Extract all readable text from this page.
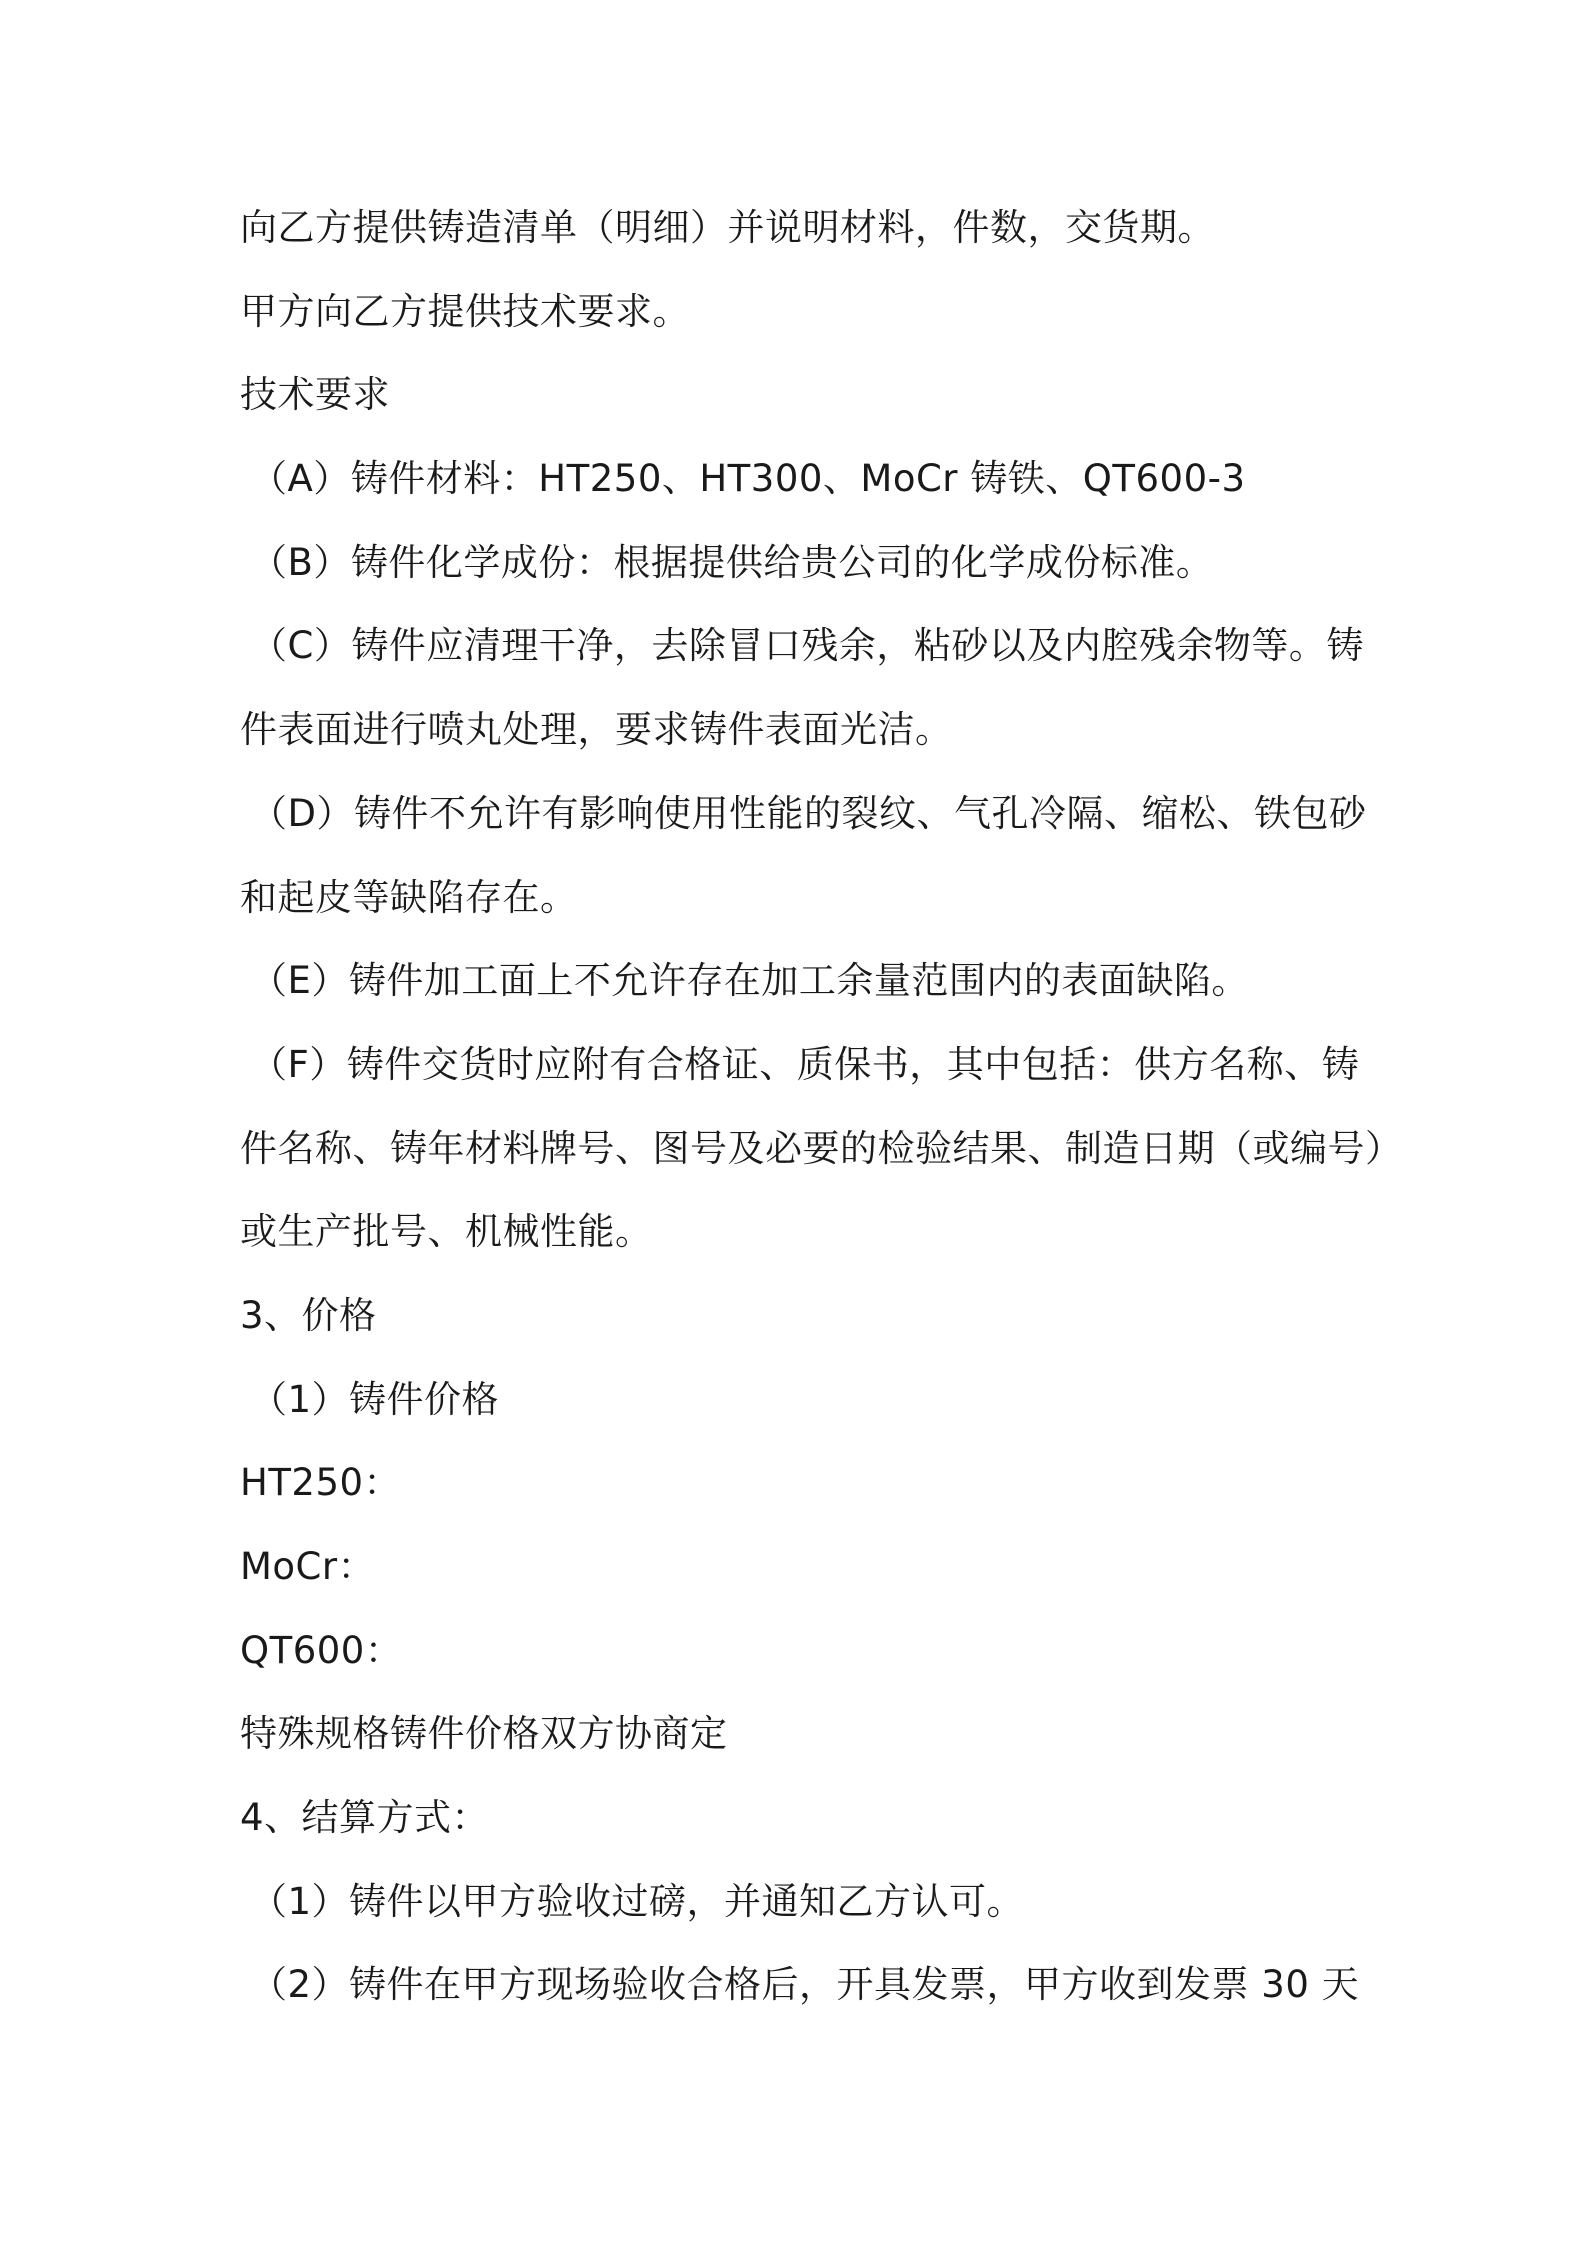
向乙方提供铸造清单（明细）并说明材料，件数，交货期。
甲方向乙方提供技术要求。
技术要求
（A）铸件材料：HT250、HT300、MoCr 铸铁、QT600-3
（B）铸件化学成份：根据提供给贵公司的化学成份标准。
（C）铸件应清理干净，去除冒口残余，粘砂以及内腔残余物等。铸
件表面进行喷丸处理，要求铸件表面光洁。
（D）铸件不允许有影响使用性能的裂纹、气孔冷隔、缩松、铁包砂
和起皮等缺陷存在。
（E）铸件加工面上不允许存在加工余量范围内的表面缺陷。
（F）铸件交货时应附有合格证、质保书，其中包括：供方名称、铸
件名称、铸年材料牌号、图号及必要的检验结果、制造日期（或编号）
或生产批号、机械性能。
3、价格
（1）铸件价格
HT250：
MoCr：
QT600：
特殊规格铸件价格双方协商定
4、结算方式：
（1）铸件以甲方验收过磅，并通知乙方认可。
（2）铸件在甲方现场验收合格后，开具发票，甲方收到发票 30 天
